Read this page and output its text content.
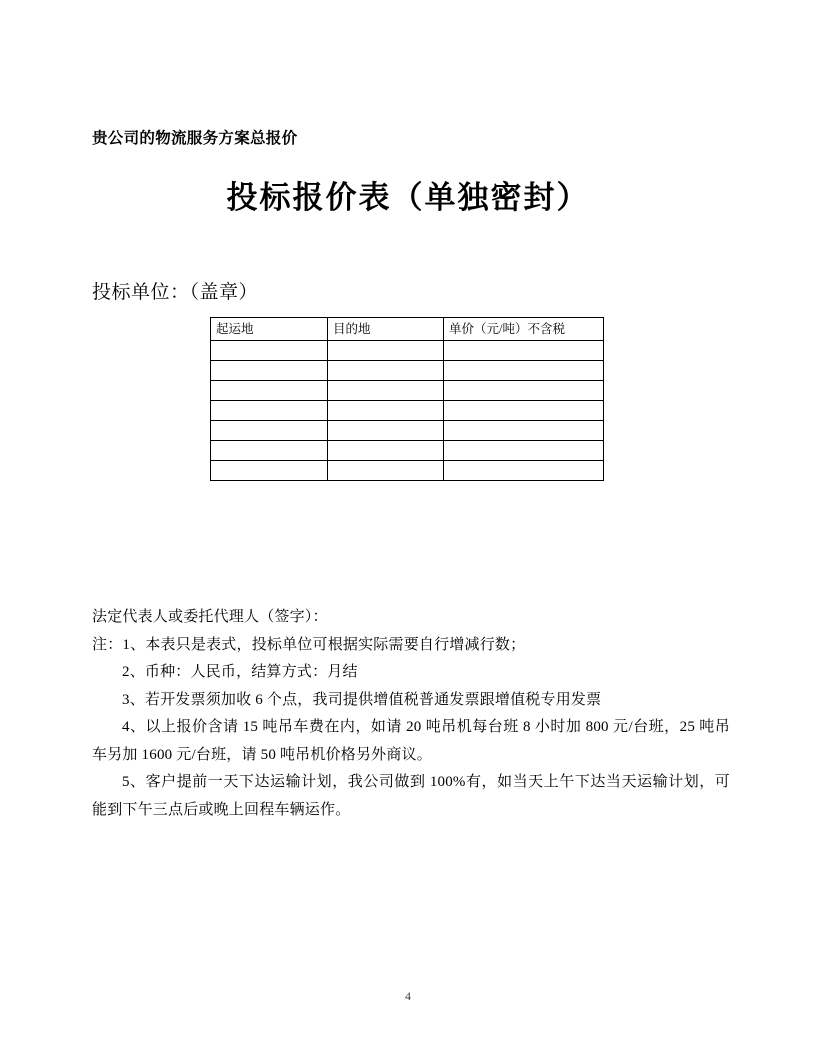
贵公司的物流服务方案总报价
投标报价表（单独密封）
投标单位：（盖章）
起运地	目的地	单价（元/吨）不含税

法定代表人或委托代理人（签字）：

注：1、本表只是表式，投标单位可根据实际需要自行增减行数；

2、币种：人民币，结算方式：月结

3、若开发票须加收 6 个点，我司提供增值税普通发票跟增值税专用发票

4、以上报价含请 15 吨吊车费在内，如请 20 吨吊机每台班 8 小时加 800 元/台班，25 吨吊车另加 1600 元/台班，请 50 吨吊机价格另外商议。

5、客户提前一天下达运输计划，我公司做到 100%有，如当天上午下达当天运输计划，可能到下午三点后或晚上回程车辆运作。

4
